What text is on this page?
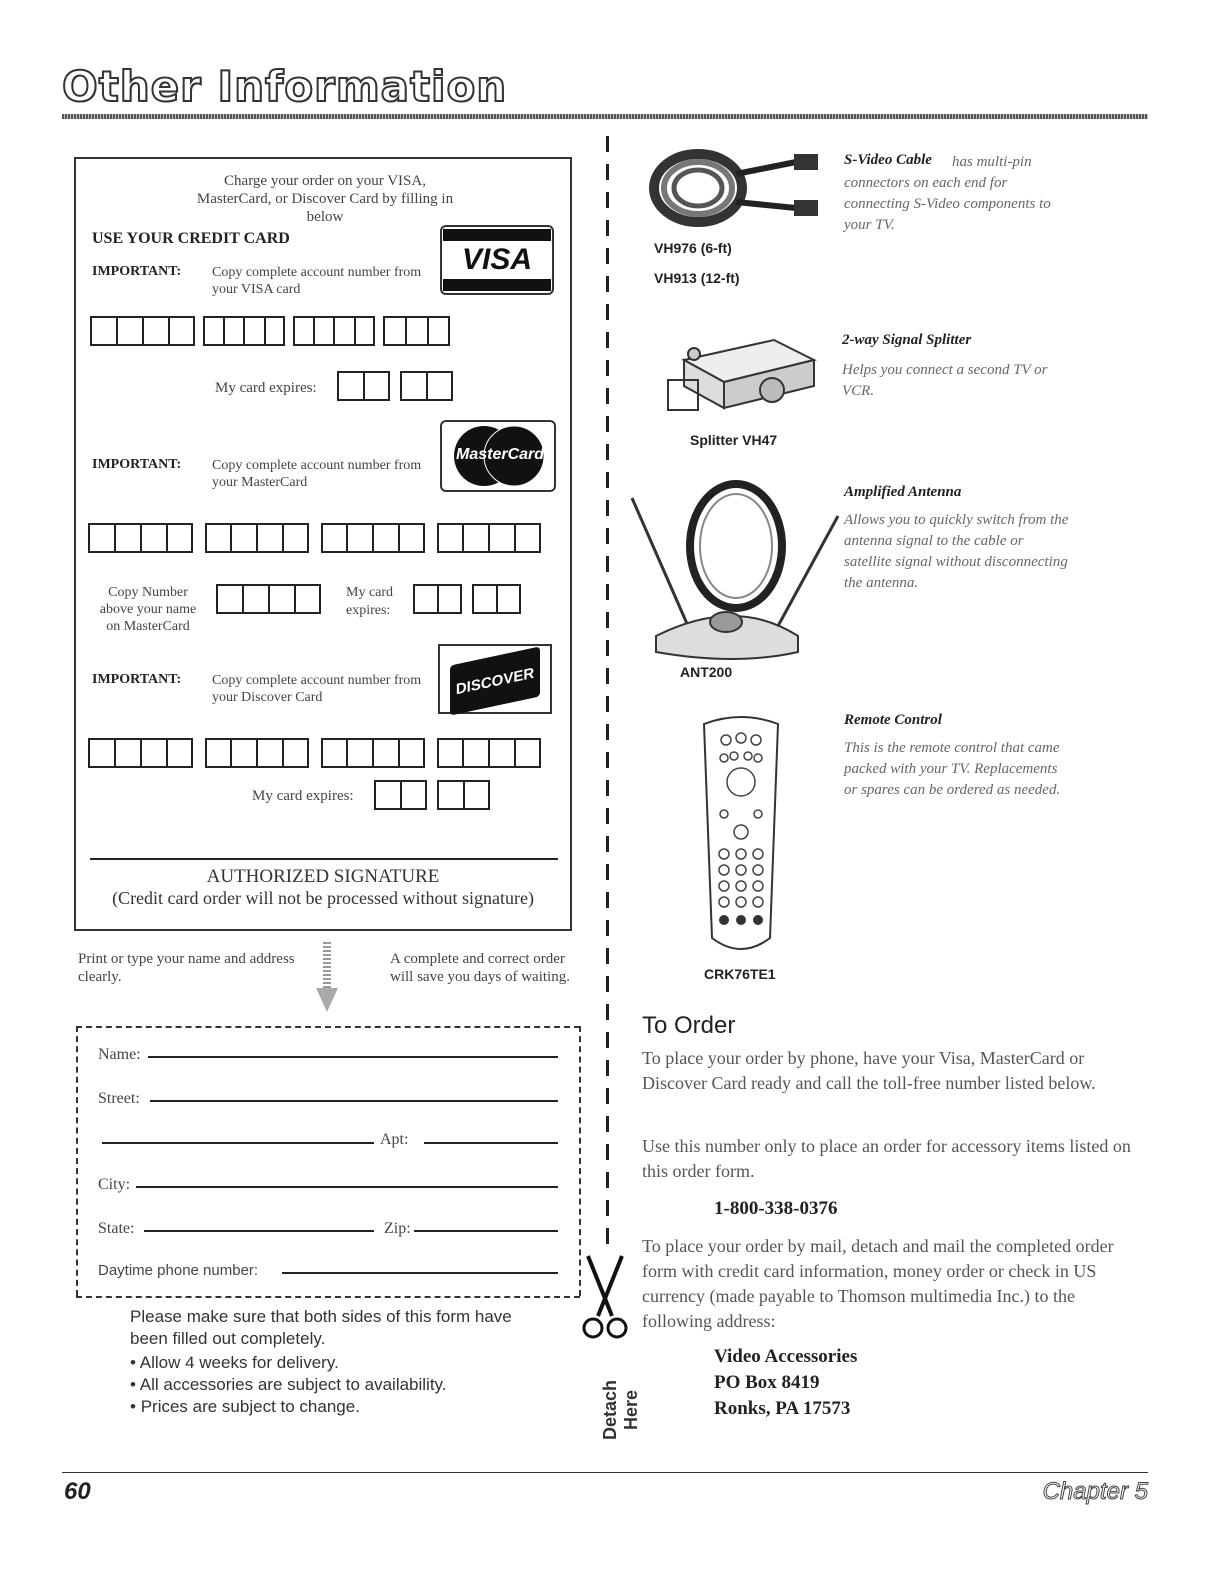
Other Information
Charge your order on your VISA, MasterCard, or Discover Card by filling in below
USE YOUR CREDIT CARD
IMPORTANT: Copy complete account number from your VISA card
VISA
My card expires:
IMPORTANT: Copy complete account number from your MasterCard
MasterCard
Copy Number above your name on MasterCard
My card expires:
IMPORTANT: Copy complete account number from your Discover Card	DISCOVER
My card expires:
AUTHORIZED SIGNATURE
(Credit card order will not be processed without signature)
Print or type your name and address clearly.
A complete and correct order will save you days of waiting.
Name:
Street:
Apt:
City:
State:	Zip:
Daytime phone number:
Please make sure that both sides of this form have been filled out completely.
• Allow 4 weeks for delivery.
• All accessories are subject to availability.
• Prices are subject to change.	Detach Here
S-Video Cable	has multi-pin connectors on each end for connecting S-Video components to your TV.
VH976 (6-ft)
VH913 (12-ft)
2-way Signal Splitter
Helps you connect a second TV or VCR.
Splitter VH47
Amplified Antenna
Allows you to quickly switch from the antenna signal to the cable or satellite signal without disconnecting the antenna.
ANT200
Remote Control
This is the remote control that came packed with your TV. Replacements or spares can be ordered as needed.
CRK76TE1
To Order
To place your order by phone, have your Visa, MasterCard or Discover Card ready and call the toll-free number listed below.
Use this number only to place an order for accessory items listed on this order form.
1-800-338-0376
To place your order by mail, detach and mail the completed order form with credit card information, money order or check in US currency (made payable to Thomson multimedia Inc.) to the following address:
Video Accessories
PO Box 8419
Ronks, PA 17573
60	Chapter 5
